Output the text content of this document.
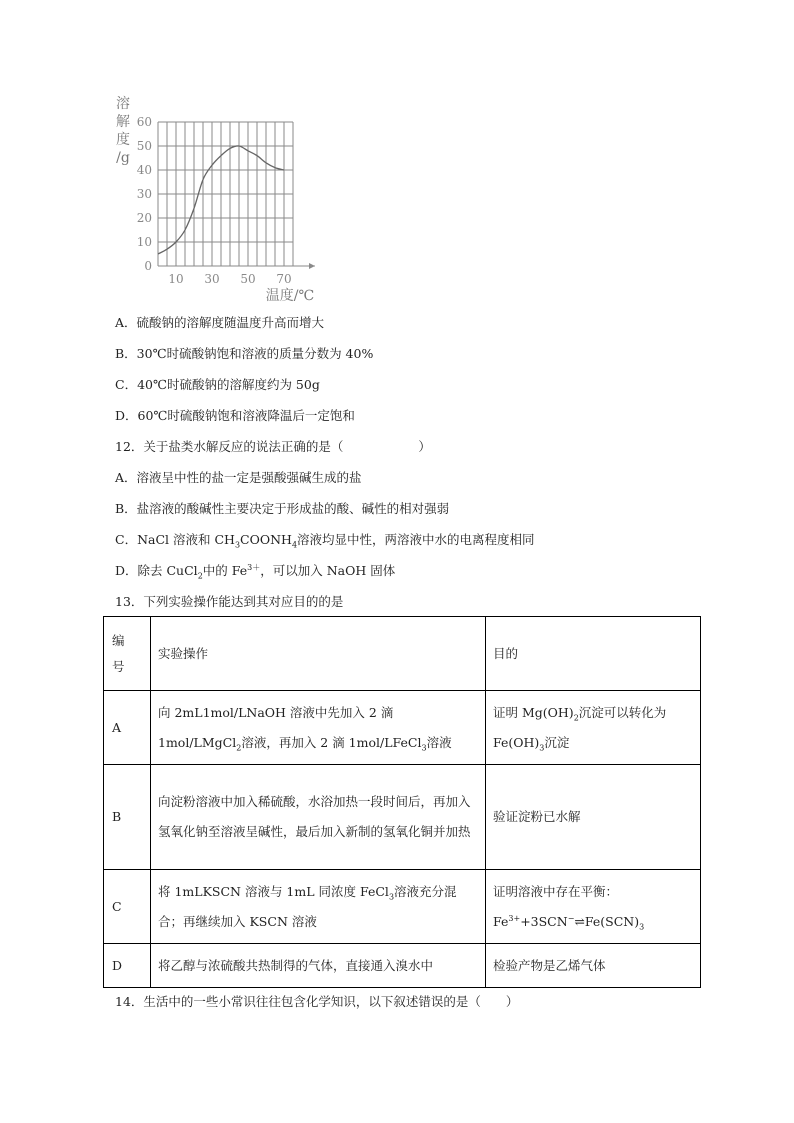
0
10
20
30
40
50
60
10 30 50 70
溶
解
度
/g
温度/℃
A．硫酸钠的溶解度随温度升高而增大
B．30℃时硫酸钠饱和溶液的质量分数为 40%
C．40℃时硫酸钠的溶解度约为 50g
D．60℃时硫酸钠饱和溶液降温后一定饱和
12．关于盐类水解反应的说法正确的是（　　　　　　）
A．溶液呈中性的盐一定是强酸强碱生成的盐
B．盐溶液的酸碱性主要决定于形成盐的酸、碱性的相对强弱
C．NaCl 溶液和 $CH_3COONH_4$溶液均显中性，两溶液中水的电离程度相同
D．除去 CuCl$_2$中的 $Fe^{3+}$，可以加入 NaOH 固体
13．下列实验操作能达到其对应目的的是
编号	实验操作	目的
A	向 2mL1mol/LNaOH 溶液中先加入 2 滴 1mol/LMgCl$_2$溶液，再加入 2 滴 1mol/LFeCl$_3$溶液	证明 $Mg(OH)_2$沉淀可以转化为 $Fe(OH)_3$沉淀
B	向淀粉溶液中加入稀硫酸，水浴加热一段时间后，再加入氢氧化钠至溶液呈碱性，最后加入新制的氢氧化铜并加热	验证淀粉已水解
C	将 1mLKSCN 溶液与 1mL 同浓度 FeCl$_3$溶液充分混合；再继续加入 KSCN 溶液	证明溶液中存在平衡：
$Fe^{3+}+3SCN^-\rightleftharpoons Fe(SCN)_3$

D	将乙醇与浓硫酸共热制得的气体，直接通入溴水中	检验产物是乙烯气体
14．生活中的一些小常识往往包含化学知识，以下叙述错误的是（　　）
